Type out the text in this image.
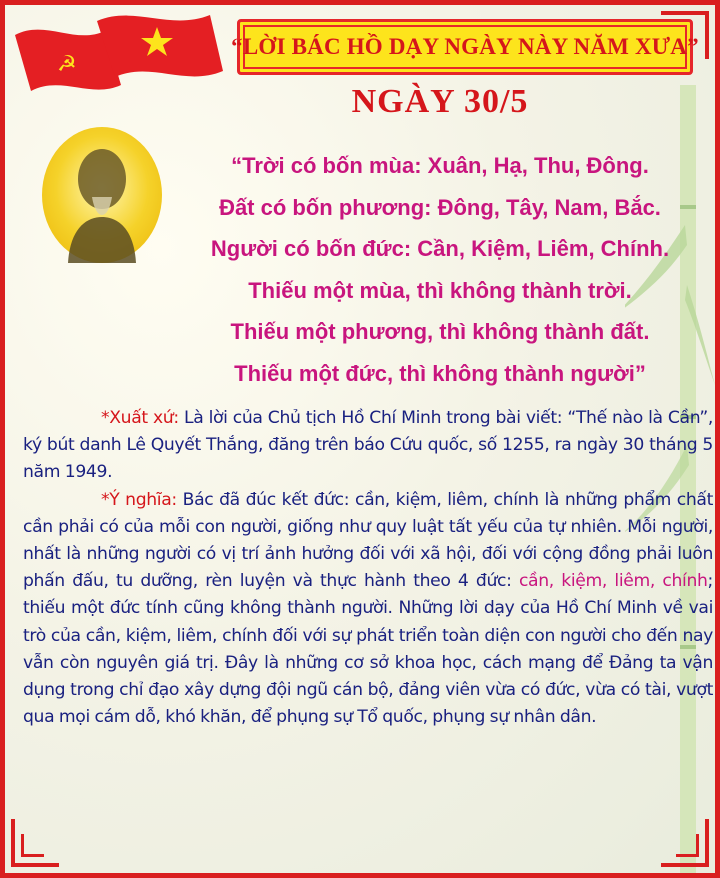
☭
“LỜI BÁC HỒ DẠY NGÀY NÀY NĂM XƯA”
NGÀY 30/5
“Trời có bốn mùa: Xuân, Hạ, Thu, Đông.
Đất có bốn phương: Đông, Tây, Nam, Bắc.
Người có bốn đức: Cần, Kiệm, Liêm, Chính.
Thiếu một mùa, thì không thành trời.
Thiếu một phương, thì không thành đất.
Thiếu một đức, thì không thành người”

*Xuất xứ: Là lời của Chủ tịch Hồ Chí Minh trong bài viết: “Thế nào là Cần”, ký bút danh Lê Quyết Thắng, đăng trên báo Cứu quốc, số 1255, ra ngày 30 tháng 5 năm 1949.

*Ý nghĩa: Bác đã đúc kết đức: cần, kiệm, liêm, chính là những phẩm chất cần phải có của mỗi con người, giống như quy luật tất yếu của tự nhiên. Mỗi người, nhất là những người có vị trí ảnh hưởng đối với xã hội, đối với cộng đồng phải luôn phấn đấu, tu dưỡng, rèn luyện và thực hành theo 4 đức: cần, kiệm, liêm, chính; thiếu một đức tính cũng không thành người. Những lời dạy của Hồ Chí Minh về vai trò của cần, kiệm, liêm, chính đối với sự phát triển toàn diện con người cho đến nay vẫn còn nguyên giá trị. Đây là những cơ sở khoa học, cách mạng để Đảng ta vận dụng trong chỉ đạo xây dựng đội ngũ cán bộ, đảng viên vừa có đức, vừa có tài, vượt qua mọi cám dỗ, khó khăn, để phụng sự Tổ quốc, phụng sự nhân dân.
